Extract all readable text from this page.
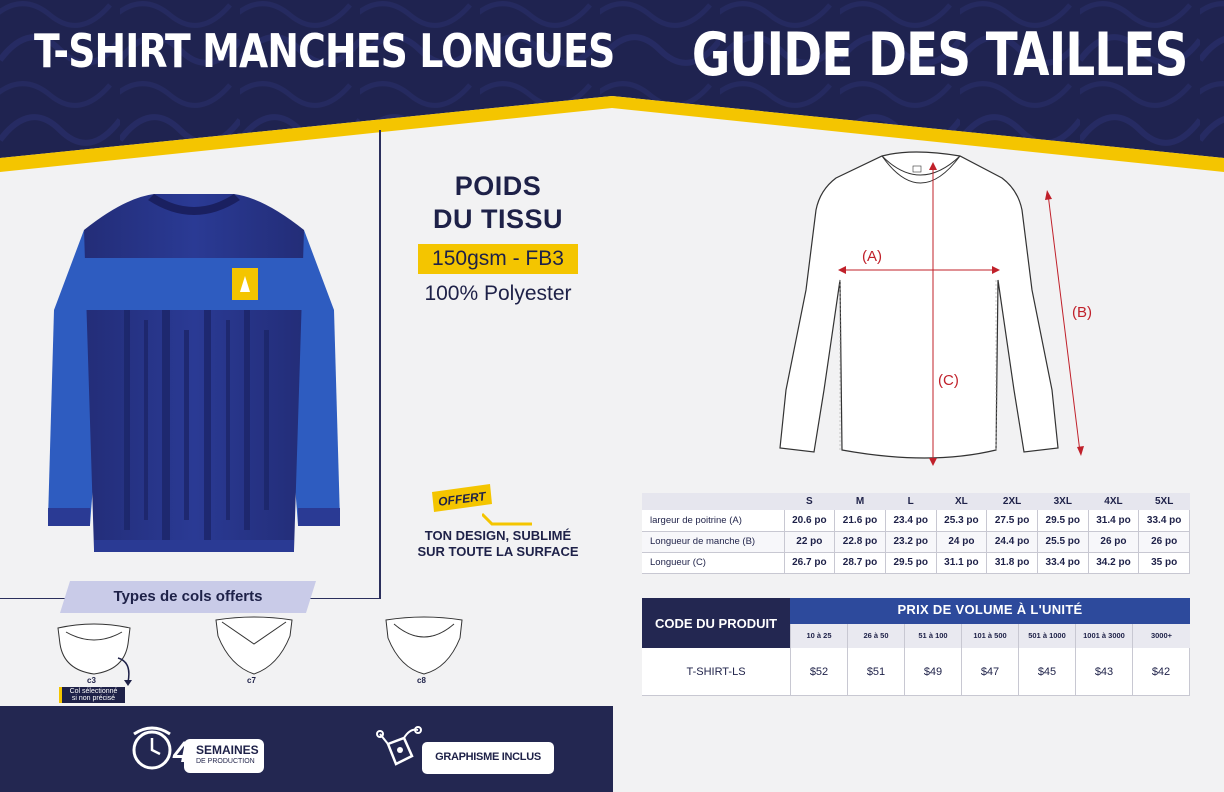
T-SHIRT MANCHES LONGUES GUIDE DES TAILLES
POIDS
DU TISSU
150gsm - FB3
100% Polyester
OFFERT
TON DESIGN, SUBLIMÉ
SUR TOUTE LA SURFACE
Types de cols offerts
c3
Col sélectionné
si non précisé
c7	c8
4 SEMAINES
DE PRODUCTION	GRAPHISME INCLUS
(A)
(B)
(C)
	S	M	L	XL	2XL	3XL	4XL	5XL
largeur de poitrine (A)	20.6 po	21.6 po	23.4 po	25.3 po	27.5 po	29.5 po	31.4 po	33.4 po
Longueur de manche (B)	22 po	22.8 po	23.2 po	24 po	24.4 po	25.5 po	26 po	26 po
Longueur (C)	26.7 po	28.7 po	29.5 po	31.1 po	31.8 po	33.4 po	34.2 po	35 po
CODE DU PRODUIT
PRIX DE VOLUME À L'UNITÉ
10 à 25	26 à 50	51 à 100	101 à 500	501 à 1000	1001 à 3000	3000+
T-SHIRT-LS	$52	$51	$49	$47	$45	$43	$42
